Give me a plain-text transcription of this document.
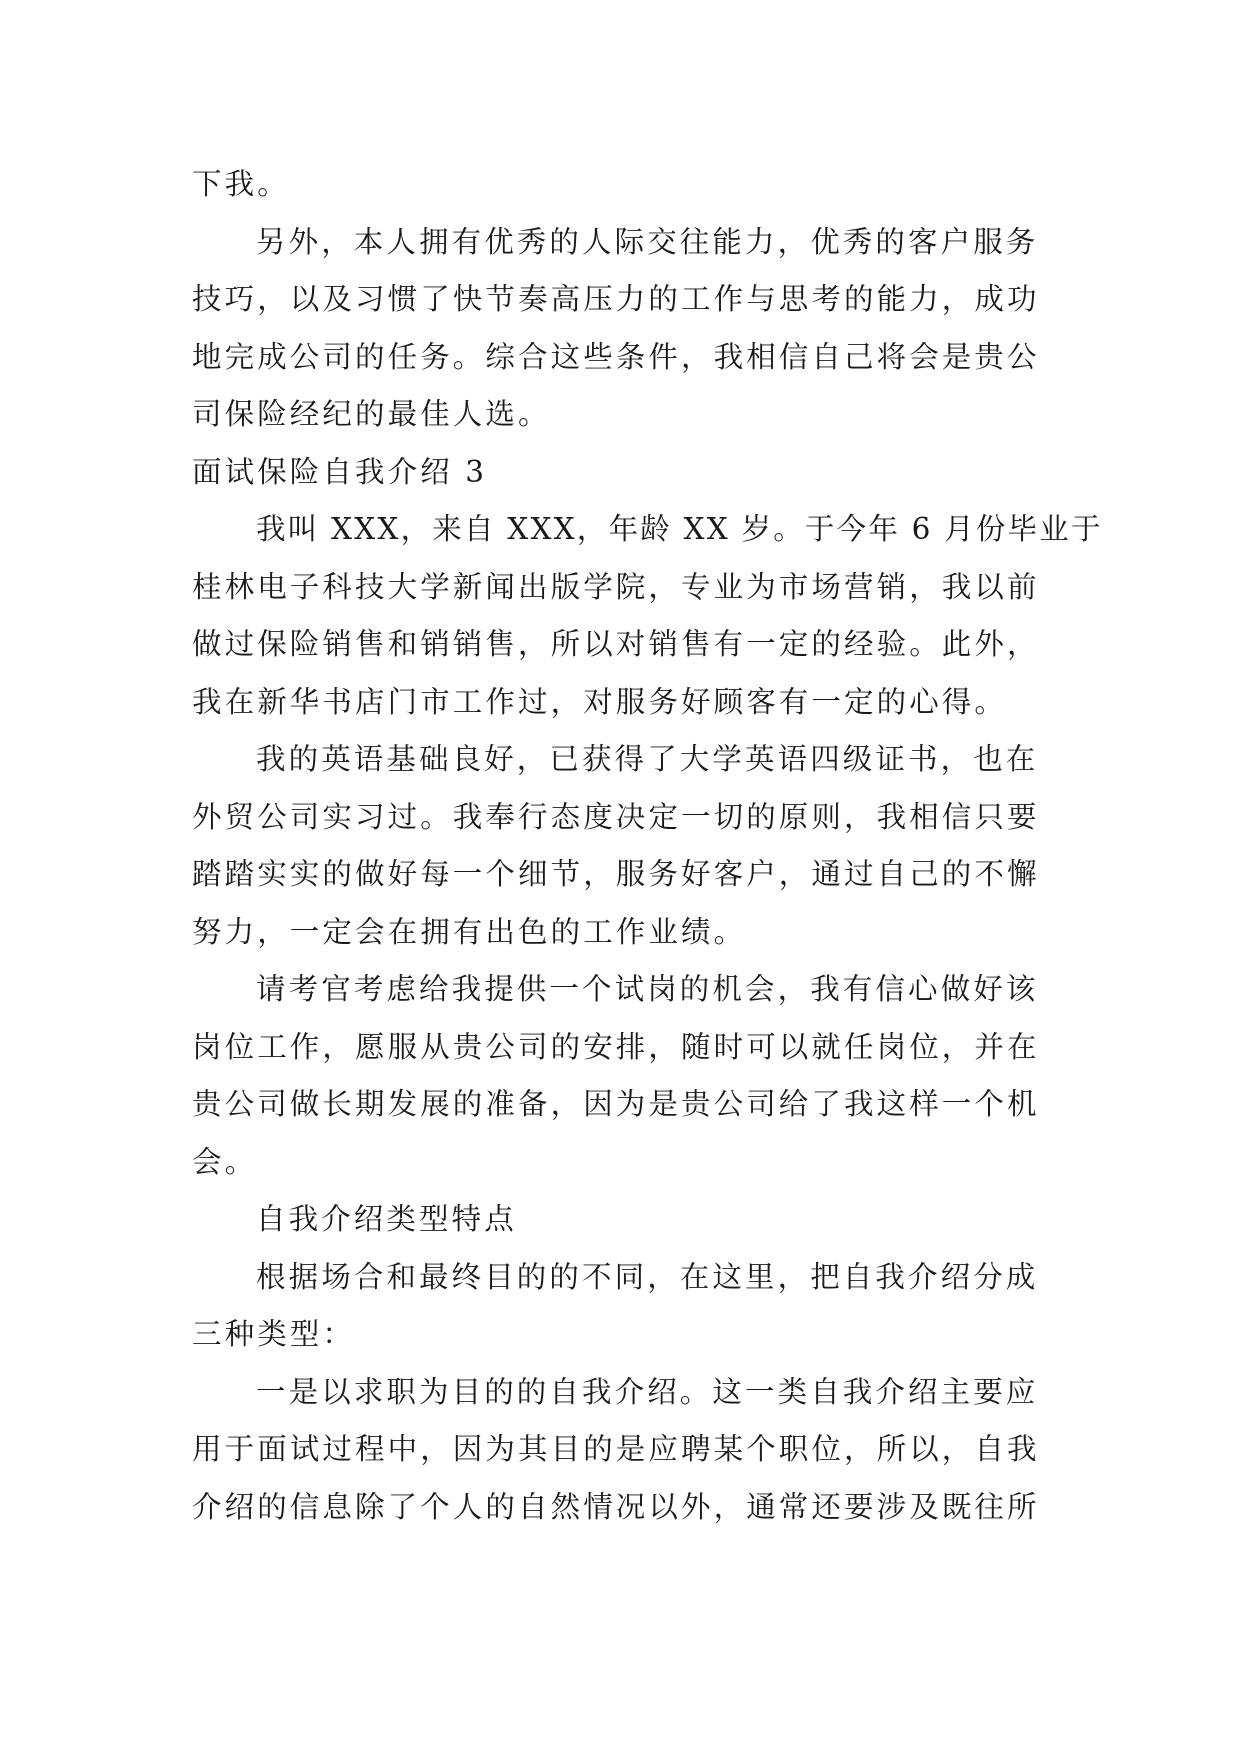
下我。

另外，本人拥有优秀的人际交往能力，优秀的客户服务

技巧，以及习惯了快节奏高压力的工作与思考的能力，成功

地完成公司的任务。综合这些条件，我相信自己将会是贵公

司保险经纪的最佳人选。

面试保险自我介绍 3

我叫 XXX，来自 XXX，年龄 XX 岁。于今年 6 月份毕业于

桂林电子科技大学新闻出版学院，专业为市场营销，我以前

做过保险销售和销销售，所以对销售有一定的经验。此外，

我在新华书店门市工作过，对服务好顾客有一定的心得。

我的英语基础良好，已获得了大学英语四级证书，也在

外贸公司实习过。我奉行态度决定一切的原则，我相信只要

踏踏实实的做好每一个细节，服务好客户，通过自己的不懈

努力，一定会在拥有出色的工作业绩。

请考官考虑给我提供一个试岗的机会，我有信心做好该

岗位工作，愿服从贵公司的安排，随时可以就任岗位，并在

贵公司做长期发展的准备，因为是贵公司给了我这样一个机

会。

自我介绍类型特点

根据场合和最终目的的不同，在这里，把自我介绍分成

三种类型：

一是以求职为目的的自我介绍。这一类自我介绍主要应

用于面试过程中，因为其目的是应聘某个职位，所以，自我

介绍的信息除了个人的自然情况以外，通常还要涉及既往所
